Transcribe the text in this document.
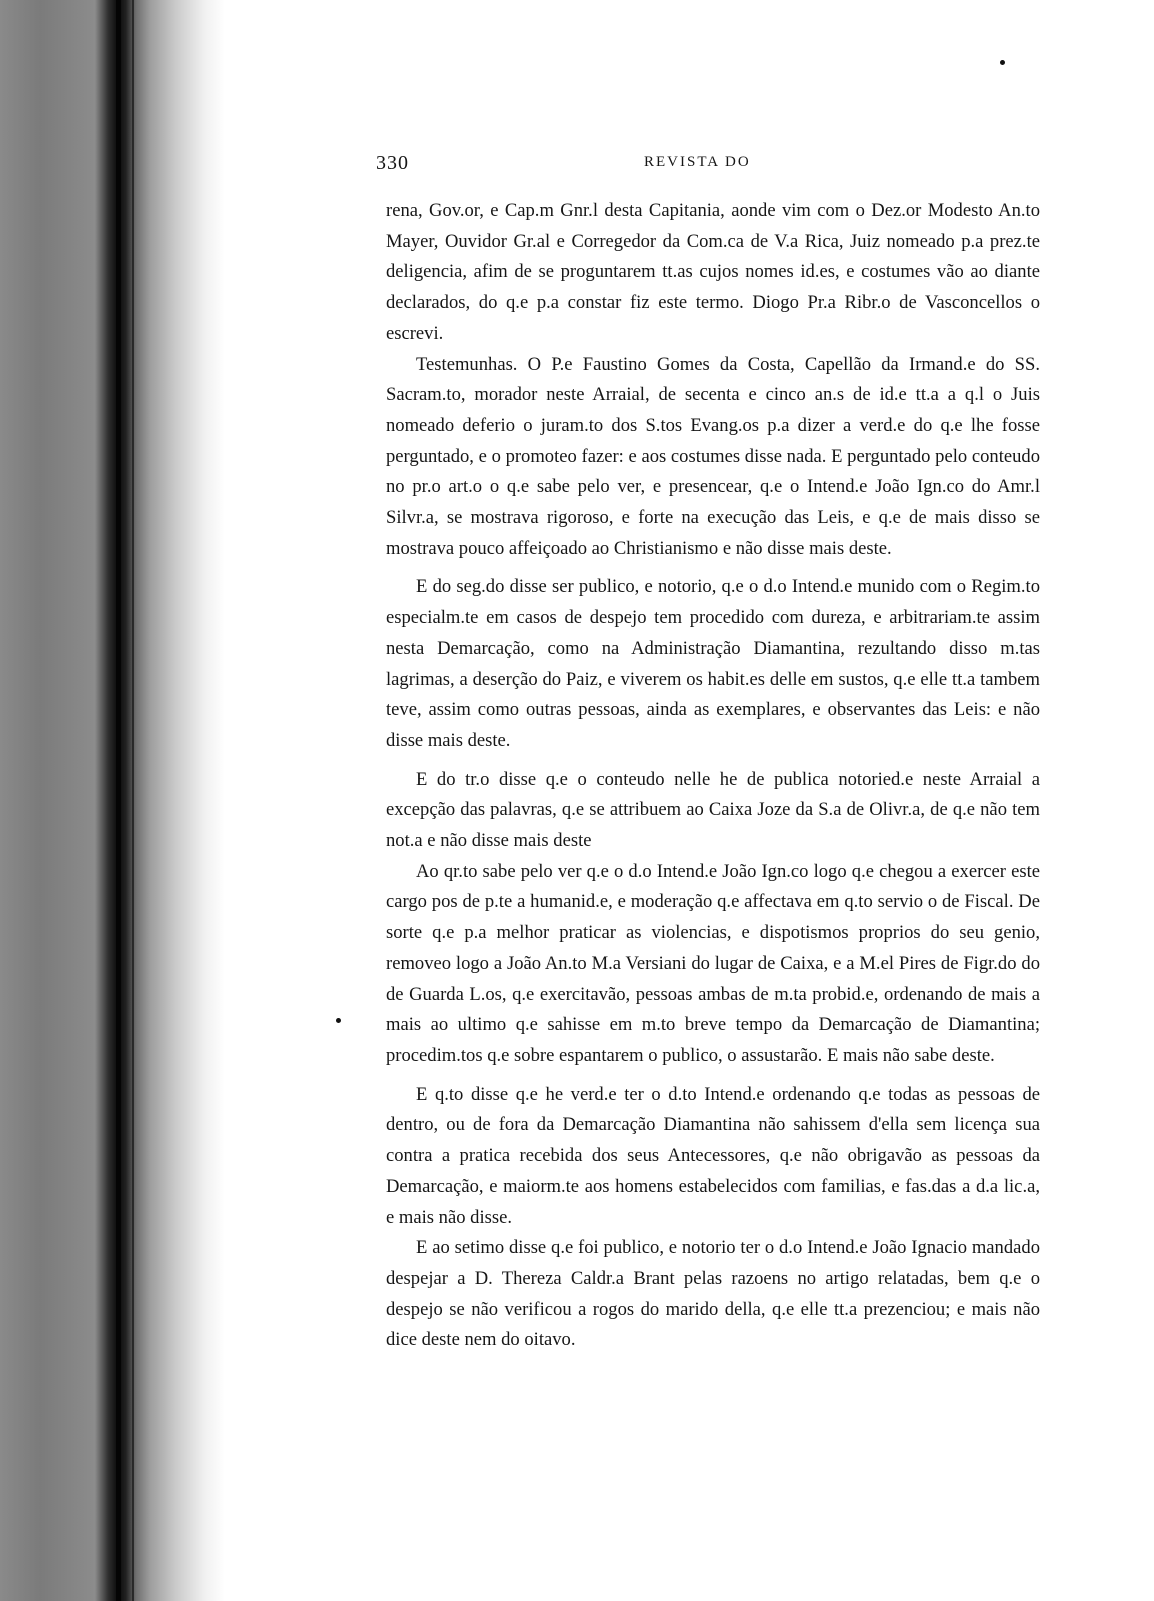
330	REVISTA DO

rena, Gov.or, e Cap.m Gnr.l desta Capitania, aonde vim com o Dez.or Modesto An.to Mayer, Ouvidor Gr.al e Corregedor da Com.ca de V.a Rica, Juiz nomeado p.a prez.te deligencia, afim de se proguntarem tt.as cujos nomes id.es, e costumes vão ao diante declarados, do q.e p.a constar fiz este termo. Diogo Pr.a Ribr.o de Vasconcellos o escrevi.

Testemunhas. O P.e Faustino Gomes da Costa, Capellão da Irmand.e do SS. Sacram.to, morador neste Arraial, de secenta e cinco an.s de id.e tt.a a q.l o Juis nomeado deferio o juram.to dos S.tos Evang.os p.a dizer a verd.e do q.e lhe fosse perguntado, e o promoteo fazer: e aos costumes disse nada. E perguntado pelo conteudo no pr.o art.o o q.e sabe pelo ver, e presencear, q.e o Intend.e João Ign.co do Amr.l Silvr.a, se mostrava rigoroso, e forte na execução das Leis, e q.e de mais disso se mostrava pouco affeiçoado ao Christianismo e não disse mais deste.

E do seg.do disse ser publico, e notorio, q.e o d.o Intend.e munido com o Regim.to especialm.te em casos de despejo tem procedido com dureza, e arbitrariam.te assim nesta Demarcação, como na Administração Diamantina, rezultando disso m.tas lagrimas, a deserção do Paiz, e viverem os habit.es delle em sustos, q.e elle tt.a tambem teve, assim como outras pessoas, ainda as exemplares, e observantes das Leis: e não disse mais deste.

E do tr.o disse q.e o conteudo nelle he de publica notoried.e neste Arraial a excepção das palavras, q.e se attribuem ao Caixa Joze da S.a de Olivr.a, de q.e não tem not.a e não disse mais deste

Ao qr.to sabe pelo ver q.e o d.o Intend.e João Ign.co logo q.e chegou a exercer este cargo pos de p.te a humanid.e, e moderação q.e affectava em q.to servio o de Fiscal. De sorte q.e p.a melhor praticar as violencias, e dispotismos proprios do seu genio, removeo logo a João An.to M.a Versiani do lugar de Caixa, e a M.el Pires de Figr.do do de Guarda L.os, q.e exercitavão, pessoas ambas de m.ta probid.e, ordenando de mais a mais ao ultimo q.e sahisse em m.to breve tempo da Demarcação de Diamantina; procedim.tos q.e sobre espantarem o publico, o assustarão. E mais não sabe deste.

E q.to disse q.e he verd.e ter o d.to Intend.e ordenando q.e todas as pessoas de dentro, ou de fora da Demarcação Diamantina não sahissem d'ella sem licença sua contra a pratica recebida dos seus Antecessores, q.e não obrigavão as pessoas da Demarcação, e maiorm.te aos homens estabelecidos com familias, e fas.das a d.a lic.a, e mais não disse.

E ao setimo disse q.e foi publico, e notorio ter o d.o Intend.e João Ignacio mandado despejar a D. Thereza Caldr.a Brant pelas razoens no artigo relatadas, bem q.e o despejo se não verificou a rogos do marido della, q.e elle tt.a prezenciou; e mais não dice deste nem do oitavo.
